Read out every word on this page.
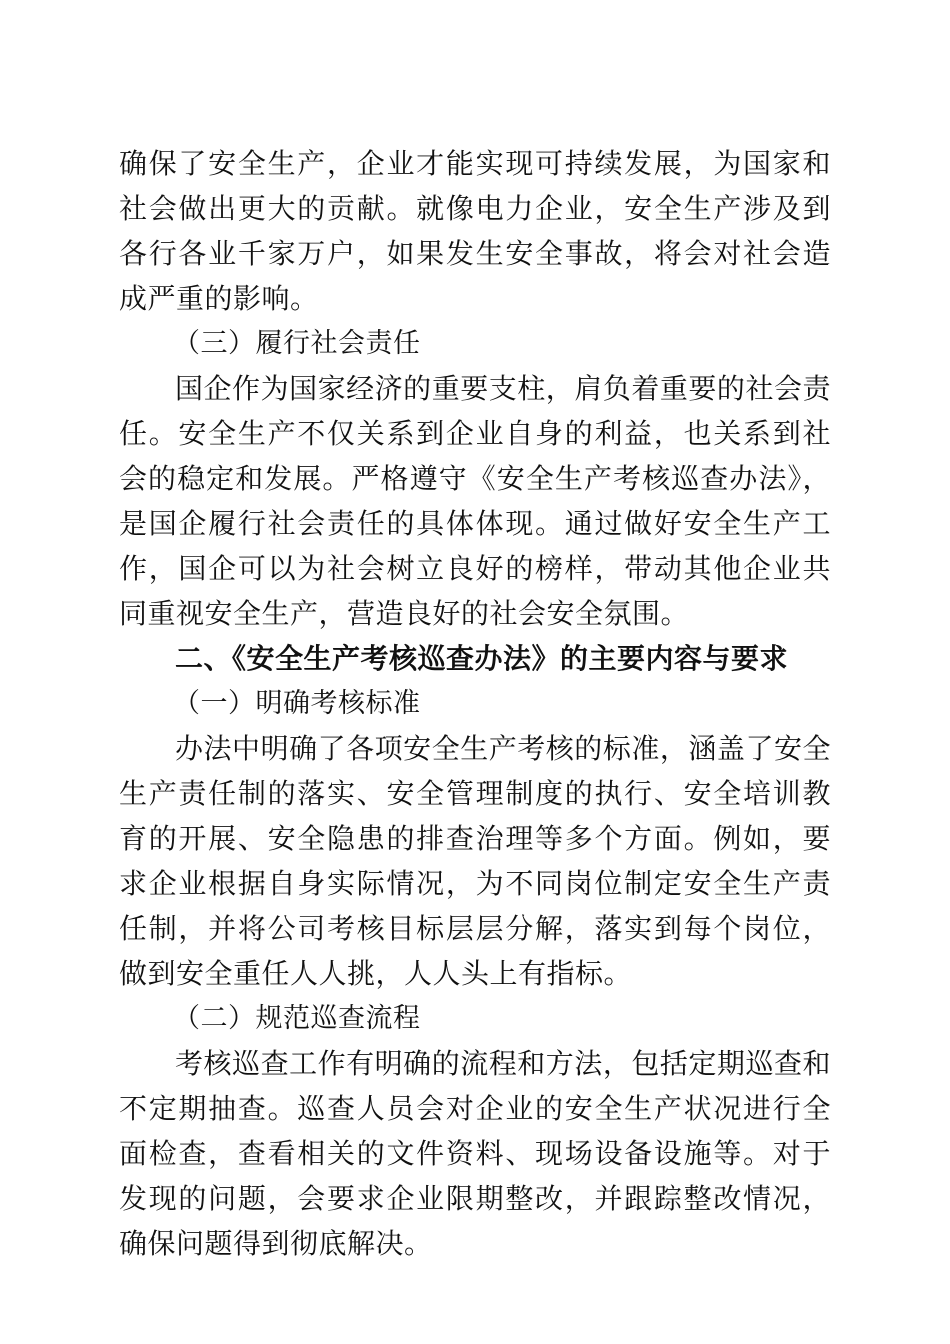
确保了安全生产，企业才能实现可持续发展，为国家和社会做出更大的贡献。就像电力企业，安全生产涉及到各行各业千家万户，如果发生安全事故，将会对社会造成严重的影响。

（三）履行社会责任

国企作为国家经济的重要支柱，肩负着重要的社会责任。安全生产不仅关系到企业自身的利益，也关系到社会的稳定和发展。严格遵守《安全生产考核巡查办法》，是国企履行社会责任的具体体现。通过做好安全生产工作，国企可以为社会树立良好的榜样，带动其他企业共同重视安全生产，营造良好的社会安全氛围。

二、《安全生产考核巡查办法》的主要内容与要求

（一）明确考核标准

办法中明确了各项安全生产考核的标准，涵盖了安全生产责任制的落实、安全管理制度的执行、安全培训教育的开展、安全隐患的排查治理等多个方面。例如，要求企业根据自身实际情况，为不同岗位制定安全生产责任制，并将公司考核目标层层分解，落实到每个岗位，做到安全重任人人挑，人人头上有指标。

（二）规范巡查流程

考核巡查工作有明确的流程和方法，包括定期巡查和不定期抽查。巡查人员会对企业的安全生产状况进行全面检查，查看相关的文件资料、现场设备设施等。对于发现的问题，会要求企业限期整改，并跟踪整改情况，确保问题得到彻底解决。
